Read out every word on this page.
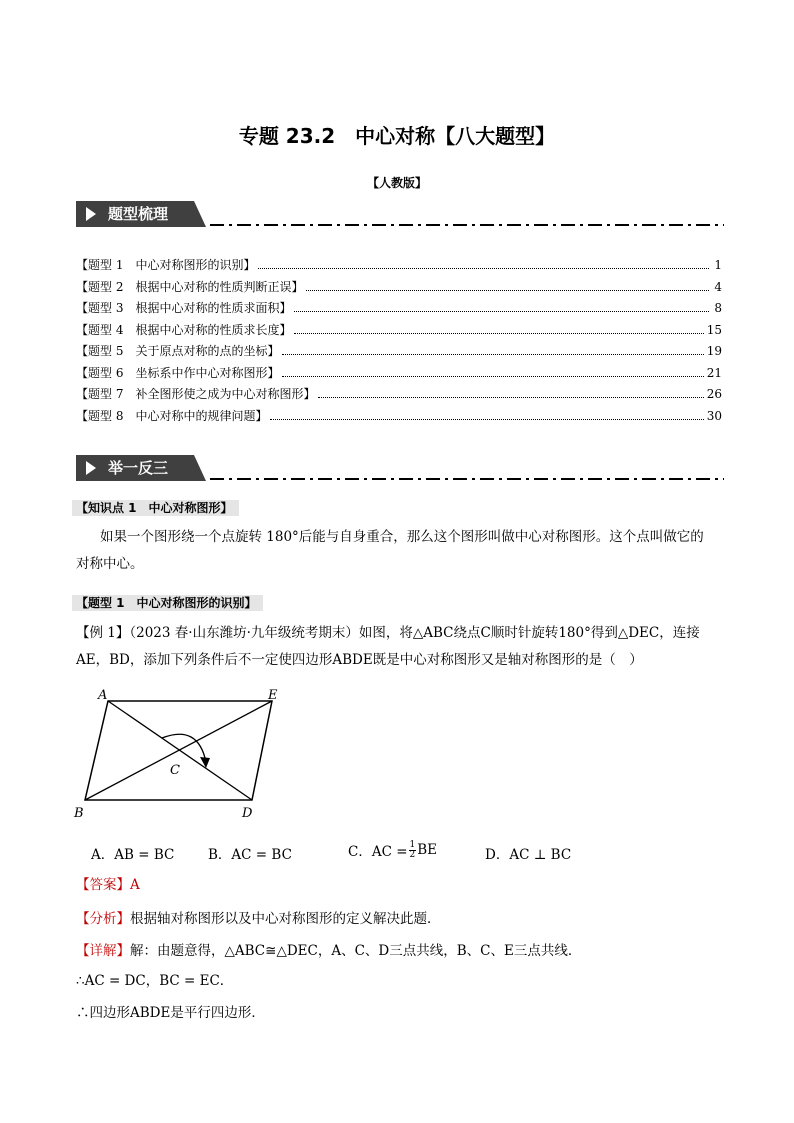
专题 23.2　中心对称【八大题型】
【人教版】
题型梳理
【题型 1　中心对称图形的识别】	1
【题型 2　根据中心对称的性质判断正误】	4
【题型 3　根据中心对称的性质求面积】	8
【题型 4　根据中心对称的性质求长度】	15
【题型 5　关于原点对称的点的坐标】	19
【题型 6　坐标系中作中心对称图形】	21
【题型 7　补全图形使之成为中心对称图形】	26
【题型 8　中心对称中的规律问题】	30
举一反三
【知识点 1　中心对称图形】
如果一个图形绕一个点旋转 180°后能与自身重合，那么这个图形叫做中心对称图形。这个点叫做它的
对称中心。
【题型 1　中心对称图形的识别】
【例 1】（2023 春·山东潍坊·九年级统考期末）如图，将△ABC绕点C顺时针旋转180°得到△DEC，连接
AE，BD，添加下列条件后不一定使四边形ABDE既是中心对称图形又是轴对称图形的是（　）
A	E
C
B	D
A．AB = BC B．AC = BC	C．AC = $\frac{1}{2}$ BE	D．AC ⊥ BC
【答案】A
【分析】根据轴对称图形以及中心对称图形的定义解决此题．
【详解】解：由题意得，△ABC≅△DEC，A、C、D三点共线，B、C、E三点共线．
∴AC = DC，BC = EC．
∴四边形ABDE是平行四边形．
